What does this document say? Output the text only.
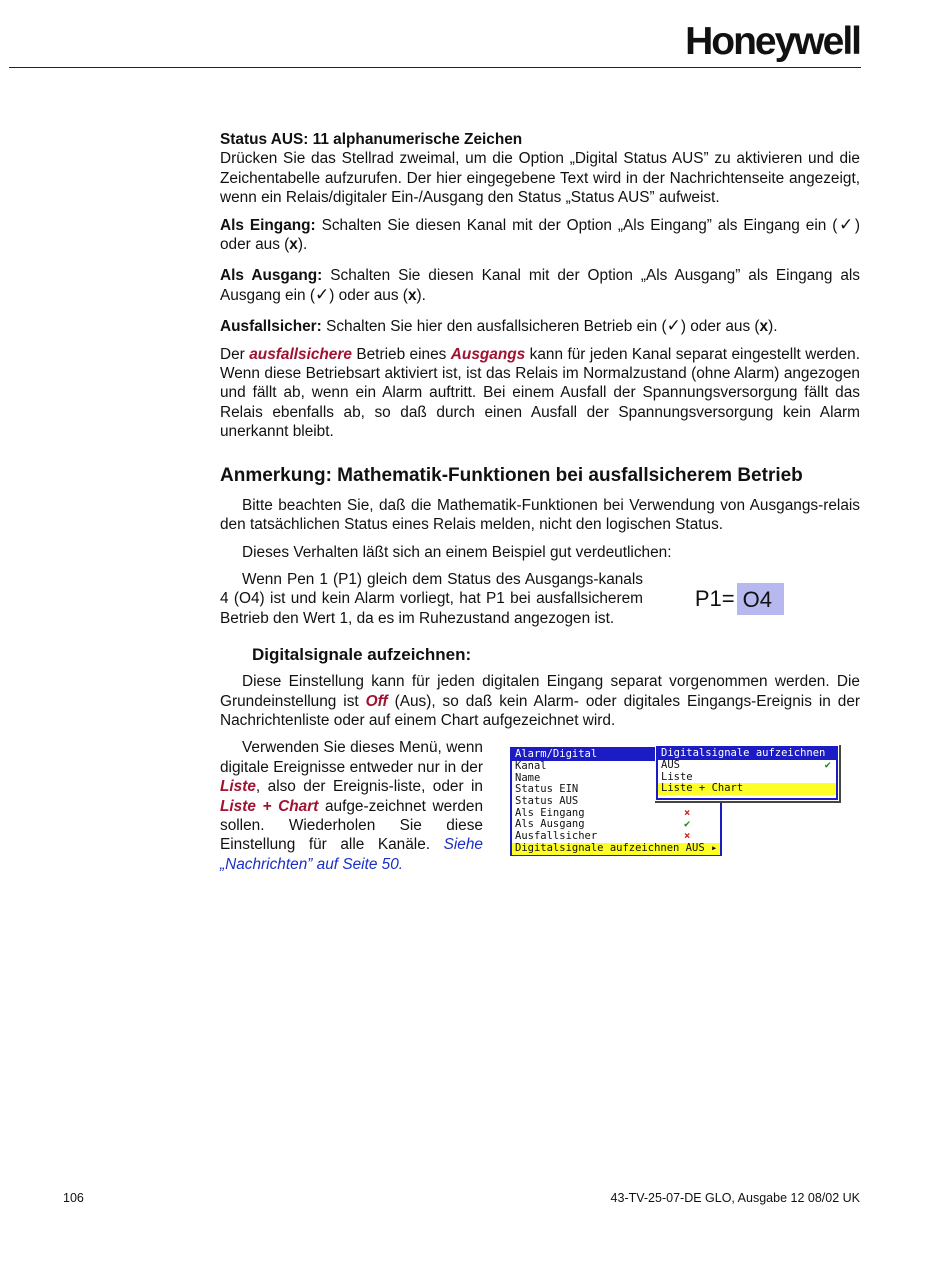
Honeywell

Status AUS: 11 alphanumerische Zeichen

Drücken Sie das Stellrad zweimal, um die Option „Digital Status AUS” zu aktivieren und die Zeichentabelle aufzurufen. Der hier eingegebene Text wird in der Nachrichtenseite angezeigt, wenn ein Relais/digitaler Ein-/Ausgang den Status „Status AUS” aufweist.

Als Eingang: Schalten Sie diesen Kanal mit der Option „Als Eingang” als Eingang ein (✓) oder aus (x).

Als Ausgang: Schalten Sie diesen Kanal mit der Option „Als Ausgang” als Eingang als Ausgang ein (✓) oder aus (x).

Ausfallsicher: Schalten Sie hier den ausfallsicheren Betrieb ein (✓) oder aus (x).

Der ausfallsichere Betrieb eines Ausgangs kann für jeden Kanal separat eingestellt werden. Wenn diese Betriebsart aktiviert ist, ist das Relais im Normalzustand (ohne Alarm) angezogen und fällt ab, wenn ein Alarm auftritt. Bei einem Ausfall der Spannungsversorgung fällt das Relais ebenfalls ab, so daß durch einen Ausfall der Spannungsversorgung kein Alarm unerkannt bleibt.

Anmerkung: Mathematik-Funktionen bei ausfallsicherem Betrieb

Bitte beachten Sie, daß die Mathematik-Funktionen bei Verwendung von Ausgangs-relais den tatsächlichen Status eines Relais melden, nicht den logischen Status.

Dieses Verhalten läßt sich an einem Beispiel gut verdeutlichen:

Wenn Pen 1 (P1) gleich dem Status des Ausgangs-kanals 4 (O4) ist und kein Alarm vorliegt, hat P1 bei ausfallsicherem Betrieb den Wert 1, da es im Ruhezustand angezogen ist.

P1= O4
Digitalsignale aufzeichnen:

Diese Einstellung kann für jeden digitalen Eingang separat vorgenommen werden. Die Grundeinstellung ist Off (Aus), so daß kein Alarm- oder digitales Eingangs-Ereignis in der Nachrichtenliste oder auf einem Chart aufgezeichnet wird.

Verwenden Sie dieses Menü, wenn digitale Ereignisse entweder nur in der Liste, also der Ereignis-liste, oder in Liste + Chart aufge-zeichnet werden sollen. Wiederholen Sie diese Einstellung für alle Kanäle. Siehe „Nachrichten” auf Seite 50.

Alarm/Digital
Kanal
Name
Status EIN
Status AUS
Als Eingang	×
Als Ausgang	✔
Ausfallsicher	×
Digitalsignale aufzeichnen AUS ▸
Digitalsignale aufzeichnen
AUS	✔
Liste
Liste + Chart
106	43-TV-25-07-DE GLO, Ausgabe 12 08/02 UK
